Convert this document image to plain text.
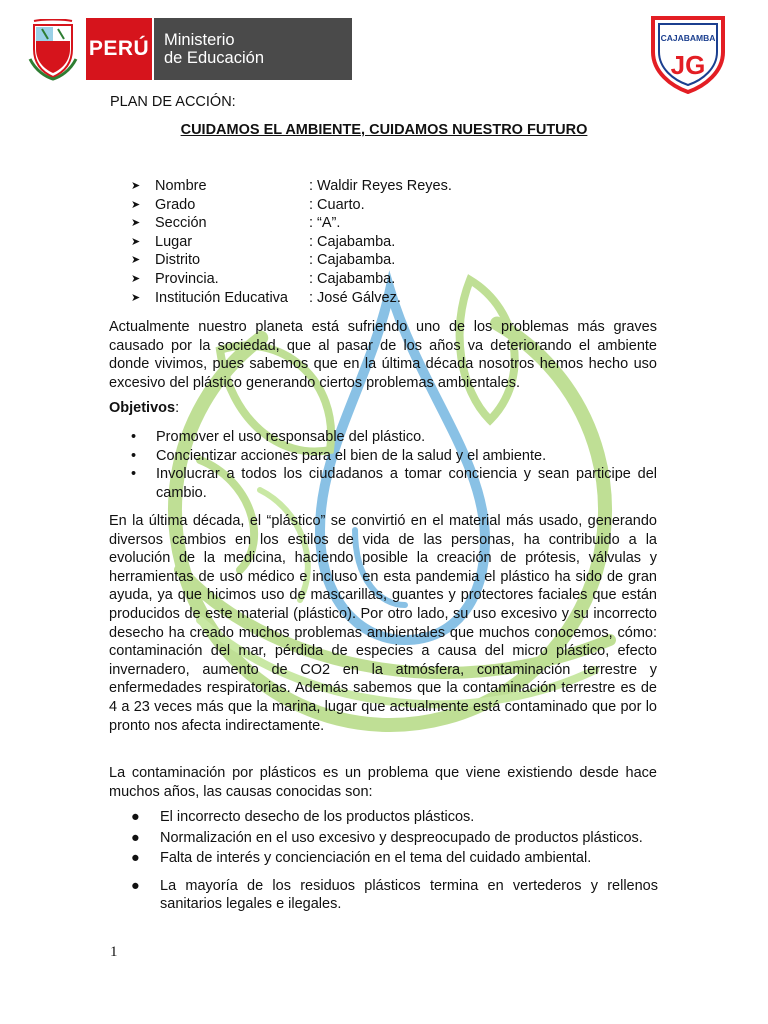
PERÚ Ministerio
de Educación
CAJABAMBA
JG
PLAN DE ACCIÓN:
CUIDAMOS EL AMBIENTE, CUIDAMOS NUESTRO FUTURO
➤ Nombre	: Waldir Reyes Reyes.
➤ Grado	: Cuarto.
➤ Sección	: “A”.
➤ Lugar	: Cajabamba.
➤ Distrito	: Cajabamba.
➤ Provincia.	: Cajabamba.
➤ Institución Educativa : José Gálvez.
Actualmente nuestro planeta está sufriendo uno de los problemas más graves causado por la sociedad, que al pasar de los años va deteriorando el ambiente donde vivimos, pues sabemos que en la última década nosotros hemos hecho uso excesivo del plástico generando ciertos problemas ambientales.
Objetivos:
• Promover el uso responsable del plástico.
• Concientizar acciones para el bien de la salud y el ambiente.
• Involucrar a todos los ciudadanos a tomar conciencia y sean participe del cambio.
En la última década, el “plástico” se convirtió en el material más usado, generando diversos cambios en los estilos de vida de las personas, ha contribuido a la evolución de la medicina, haciendo posible la creación de prótesis, válvulas y herramientas de uso médico e incluso en esta pandemia el plástico ha sido de gran ayuda, ya que hicimos uso de mascarillas, guantes y protectores faciales que están producidos de este material (plástico). Por otro lado, su uso excesivo y su incorrecto desecho ha creado muchos problemas ambientales que muchos conocemos, cómo: contaminación del mar, pérdida de especies a causa del micro plástico, efecto invernadero, aumento de CO2 en la atmósfera, contaminación terrestre y enfermedades respiratorias. Además sabemos que la contaminación terrestre es de 4 a 23 veces más que la marina, lugar que actualmente está contaminado que por lo pronto nos afecta indirectamente.
La contaminación por plásticos es un problema que viene existiendo desde hace muchos años, las causas conocidas son:
● El incorrecto desecho de los productos plásticos.
● Normalización en el uso excesivo y despreocupado de productos plásticos.
● Falta de interés y concienciación en el tema del cuidado ambiental.
● La mayoría de los residuos plásticos termina en vertederos y rellenos sanitarios legales e ilegales.
1
